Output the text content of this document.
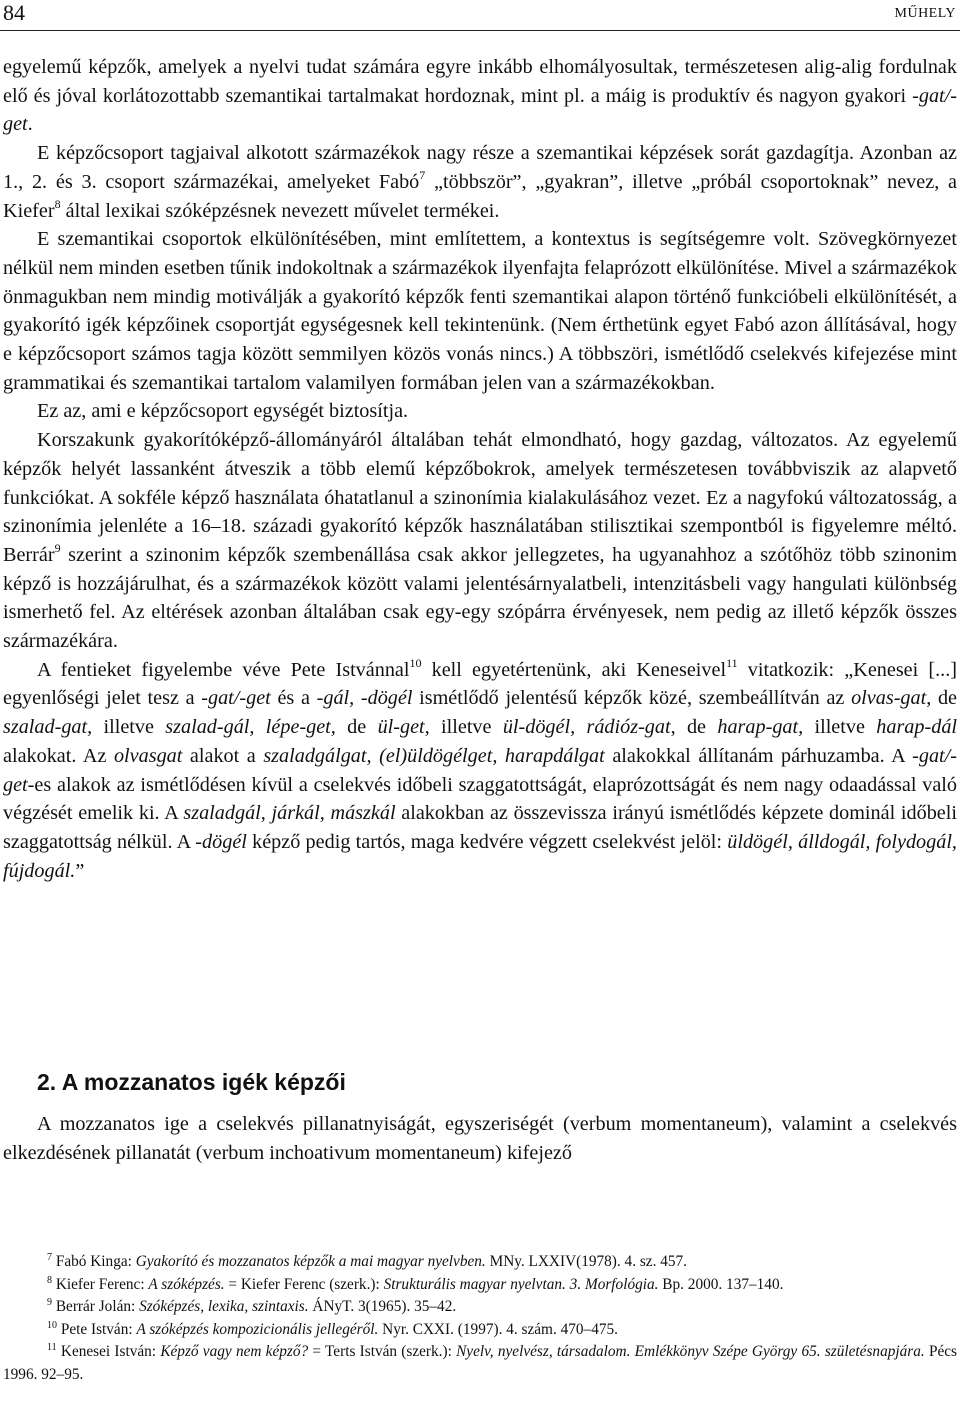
84	MŰHELY

egyelemű képzők, amelyek a nyelvi tudat számára egyre inkább elhomályosultak, természetesen alig-alig fordulnak elő és jóval korlátozottabb szemantikai tartalmakat hordoznak, mint pl. a máig is produktív és nagyon gyakori -gat/-get.

E képzőcsoport tagjaival alkotott származékok nagy része a szemantikai képzések sorát gazdagítja. Azonban az 1., 2. és 3. csoport származékai, amelyeket Fabó$^7$ „többször”, „gyakran”, illetve „próbál csoportoknak” nevez, a Kiefer$^8$ által lexikai szóképzésnek nevezett művelet termékei.

E szemantikai csoportok elkülönítésében, mint említettem, a kontextus is segítségemre volt. Szövegkörnyezet nélkül nem minden esetben tűnik indokoltnak a származékok ilyenfajta felaprózott elkülönítése. Mivel a származékok önmagukban nem mindig motiválják a gyakorító képzők fenti szemantikai alapon történő funkcióbeli elkülönítését, a gyakorító igék képzőinek csoportját egységesnek kell tekintenünk. (Nem érthetünk egyet Fabó azon állításával, hogy e képzőcsoport számos tagja között semmilyen közös vonás nincs.) A többszöri, ismétlődő cselekvés kifejezése mint grammatikai és szemantikai tartalom valamilyen formában jelen van a származékokban.

Ez az, ami e képzőcsoport egységét biztosítja.

Korszakunk gyakorítóképző-állományáról általában tehát elmondható, hogy gazdag, változatos. Az egyelemű képzők helyét lassanként átveszik a több elemű képzőbokrok, amelyek természetesen továbbviszik az alapvető funkciókat. A sokféle képző használata óhatatlanul a szinonímia kialakulásához vezet. Ez a nagyfokú változatosság, a szinonímia jelenléte a 16–18. századi gyakorító képzők használatában stilisztikai szempontból is figyelemre méltó. Berrár$^9$ szerint a szinonim képzők szembenállása csak akkor jellegzetes, ha ugyanahhoz a szótőhöz több szinonim képző is hozzájárulhat, és a származékok között valami jelentésárnyalatbeli, intenzitásbeli vagy hangulati különbség ismerhető fel. Az eltérések azonban általában csak egy-egy szópárra érvényesek, nem pedig az illető képzők összes származékára.

A fentieket figyelembe véve Pete Istvánnal$^{10}$ kell egyetértenünk, aki Keneseivel$^{11}$ vitatkozik: „Kenesei [...] egyenlőségi jelet tesz a -gat/-get és a -gál, -dögél ismétlődő jelentésű képzők közé, szembeállítván az olvas-gat, de szalad-gat, illetve szalad-gál, lépe-get, de ül-get, illetve ül-dögél, rádióz-gat, de harap-gat, illetve harap-dál alakokat. Az olvasgat alakot a szaladgálgat, (el)üldögélget, harapdálgat alakokkal állítanám párhuzamba. A -gat/-get-es alakok az ismétlődésen kívül a cselekvés időbeli szaggatottságát, elaprózottságát és nem nagy odaadással való végzését emelik ki. A szaladgál, járkál, mászkál alakokban az összevissza irányú ismétlődés képzete dominál időbeli szaggatottság nélkül. A -dögél képző pedig tartós, maga kedvére végzett cselekvést jelöl: üldögél, álldogál, folydogál, fújdogál.”

2. A mozzanatos igék képzői

A mozzanatos ige a cselekvés pillanatnyiságát, egyszeriségét (verbum momentaneum), valamint a cselekvés elkezdésének pillanatát (verbum inchoativum momentaneum) kifejező

$^7$ Fabó Kinga: Gyakorító és mozzanatos képzők a mai magyar nyelvben. MNy. LXXIV(1978). 4. sz. 457.

$^8$ Kiefer Ferenc: A szóképzés. = Kiefer Ferenc (szerk.): Strukturális magyar nyelvtan. 3. Morfológia. Bp. 2000. 137–140.

$^9$ Berrár Jolán: Szóképzés, lexika, szintaxis. ÁNyT. 3(1965). 35–42.

$^{10}$ Pete István: A szóképzés kompozicionális jellegéről. Nyr. CXXI. (1997). 4. szám. 470–475.

$^{11}$ Kenesei István: Képző vagy nem képző? = Terts István (szerk.): Nyelv, nyelvész, társadalom. Emlékkönyv Szépe György 65. születésnapjára. Pécs 1996. 92–95.
